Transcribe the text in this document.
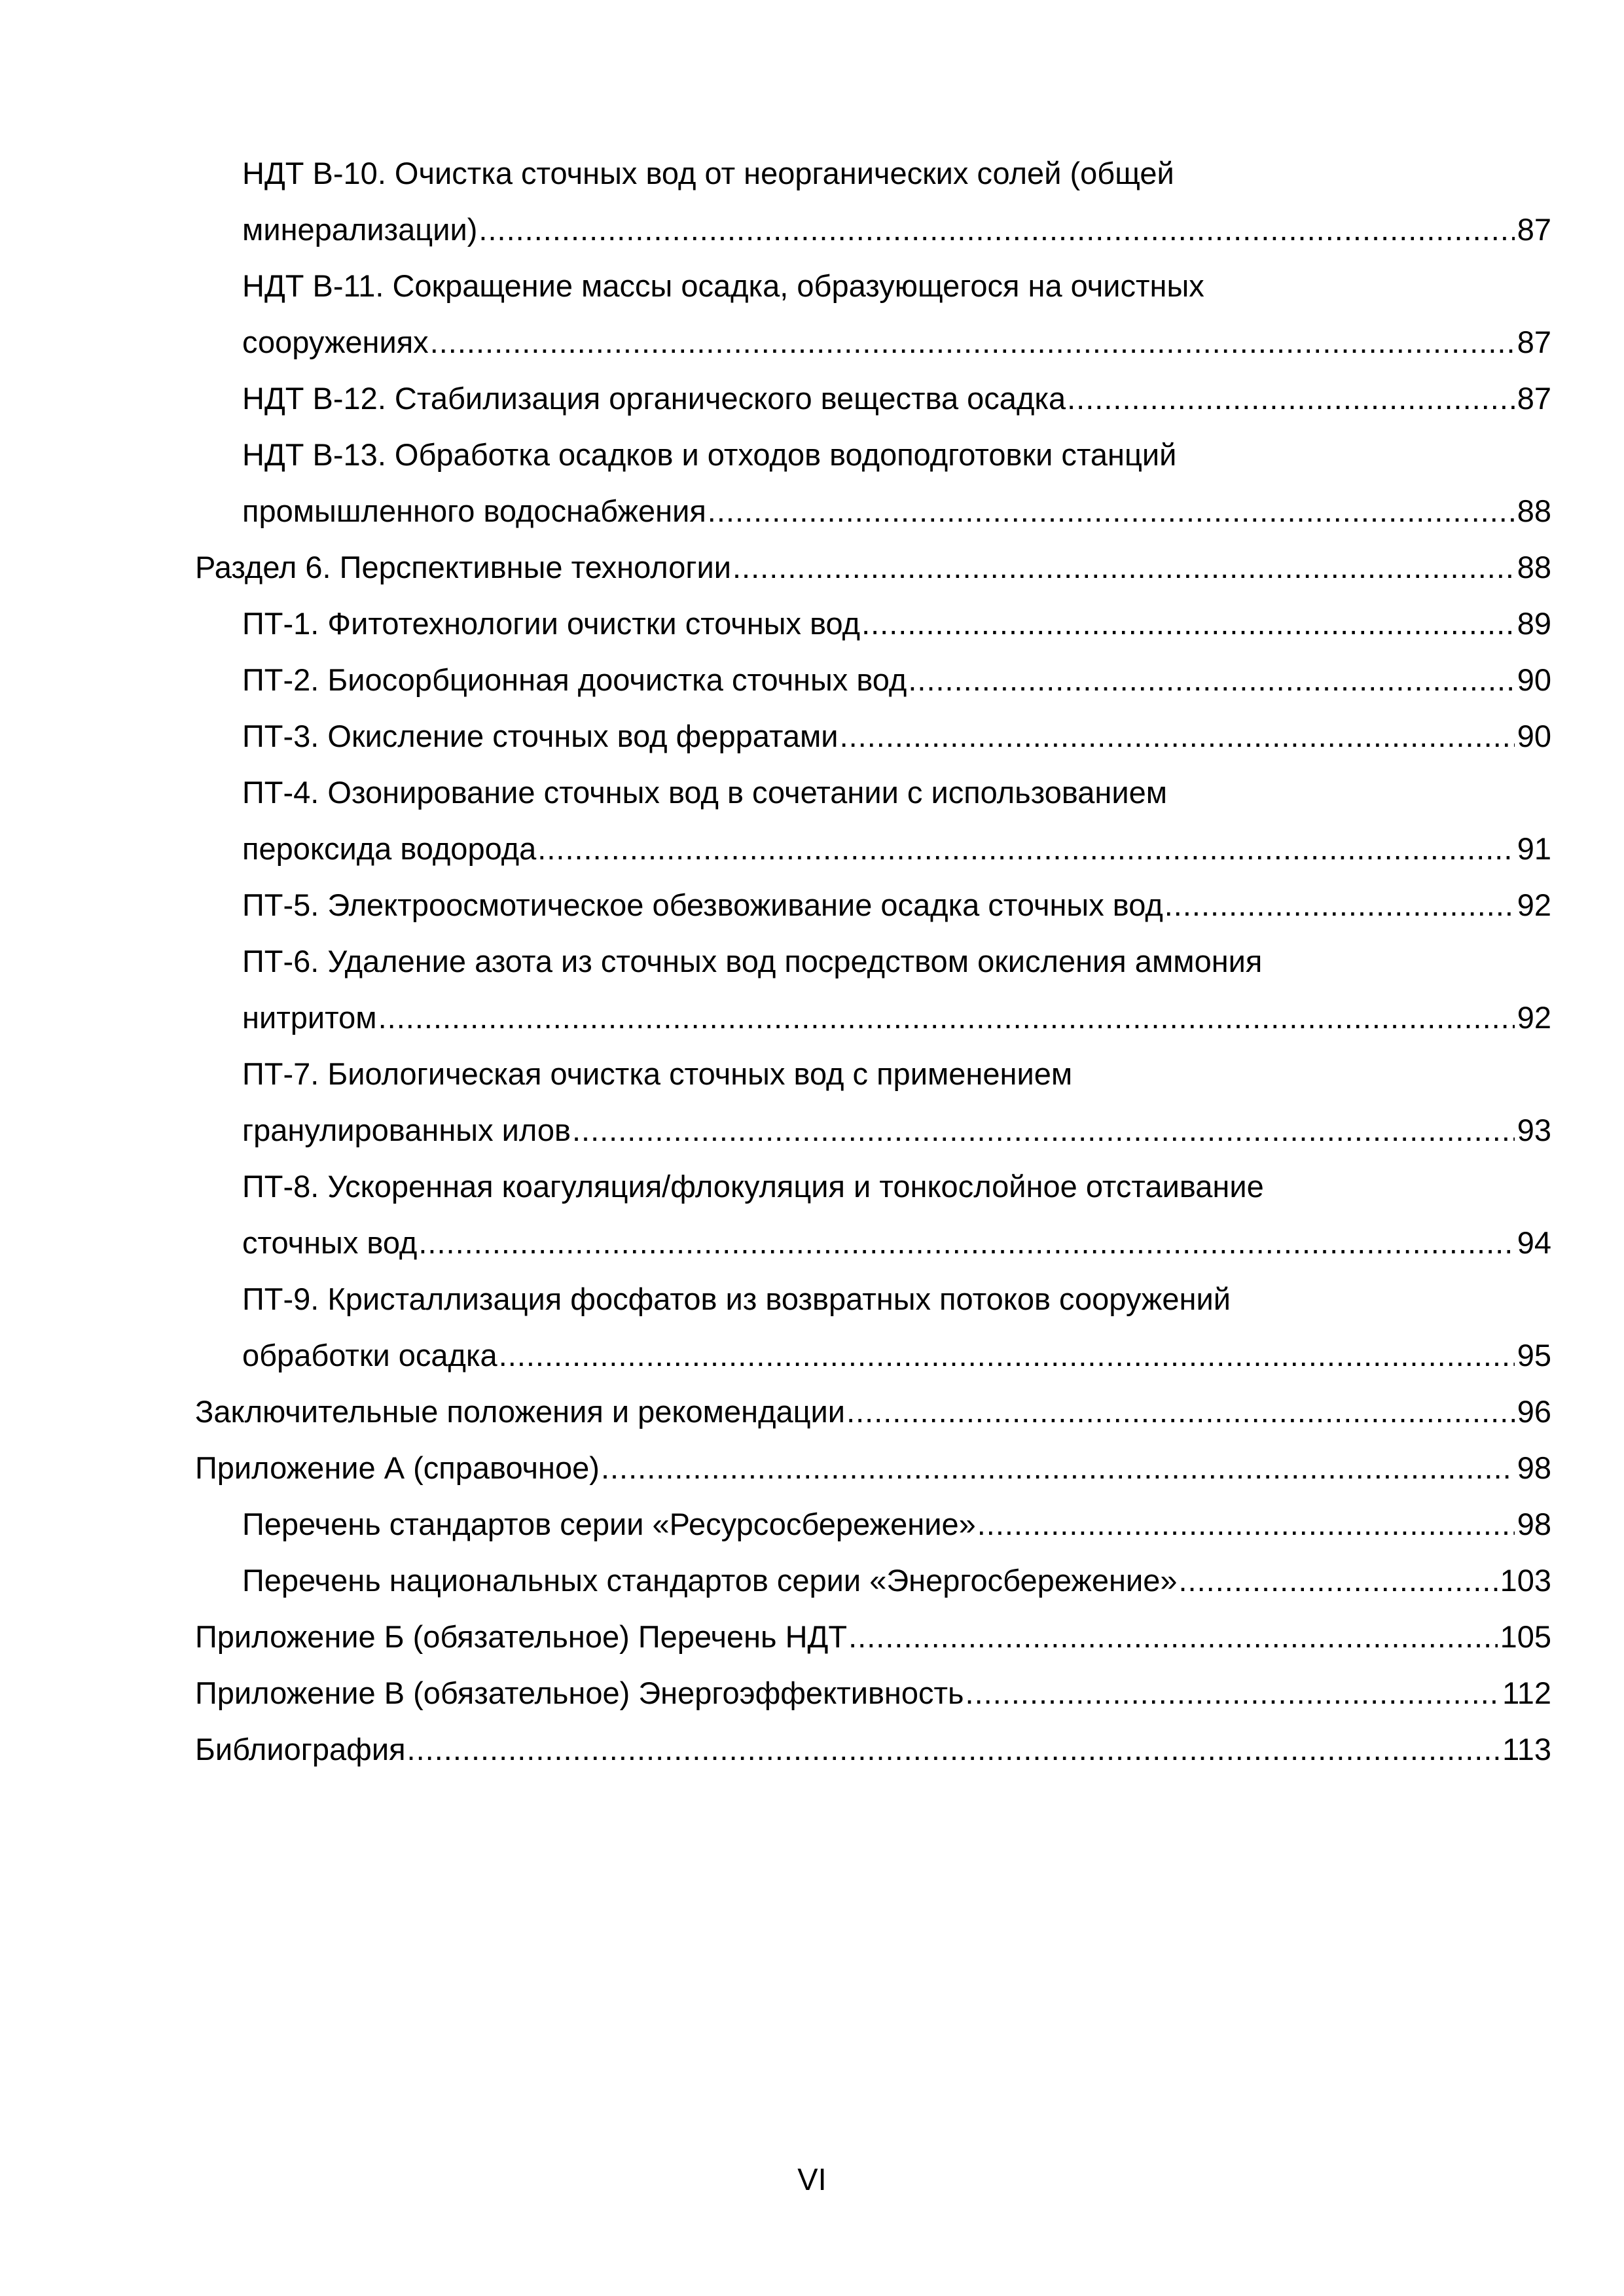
НДТ В-10. Очистка сточных вод от неорганических солей (общей
минерализации) .....	87
НДТ В-11. Сокращение массы осадка, образующегося на очистных
сооружениях .....	87
НДТ В-12. Стабилизация органического вещества осадка .....	87
НДТ В-13. Обработка осадков и отходов водоподготовки станций
промышленного водоснабжения .....	88
Раздел 6. Перспективные технологии .....	88
ПТ-1. Фитотехнологии очистки сточных вод .....	89
ПТ-2. Биосорбционная доочистка сточных вод .....	90
ПТ-3. Окисление сточных вод ферратами .....	90
ПТ-4. Озонирование сточных вод в сочетании с использованием
пероксида водорода .....	91
ПТ-5. Электроосмотическое обезвоживание осадка сточных вод .....	92
ПТ-6. Удаление азота из сточных вод посредством окисления аммония
нитритом .....	92
ПТ-7. Биологическая очистка сточных вод с применением
гранулированных илов .....	93
ПТ-8. Ускоренная коагуляция/флокуляция и тонкослойное отстаивание
сточных вод .....	94
ПТ-9. Кристаллизация фосфатов из возвратных потоков сооружений
обработки осадка .....	95
Заключительные положения и рекомендации .....	96
Приложение А (справочное) .....	98
Перечень стандартов серии «Ресурсосбережение» .....	98
Перечень национальных стандартов серии «Энергосбережение» .....	103
Приложение Б (обязательное) Перечень НДТ .....	105
Приложение В (обязательное) Энергоэффективность .....	112
Библиография .....	113
VI
